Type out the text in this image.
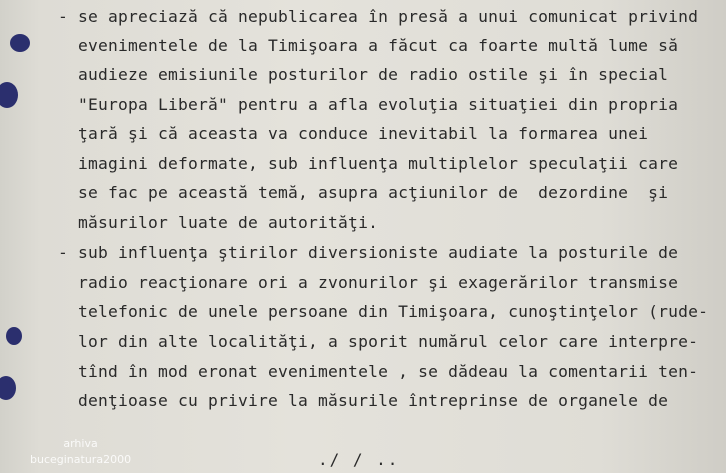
- se apreciază că nepublicarea în presă a unui comunicat privind

evenimentele de la Timişoara a făcut ca foarte multă lume să

audieze emisiunile posturilor de radio ostile şi în special

"Europa Liberă" pentru a afla evoluţia situaţiei din propria

ţară şi că aceasta va conduce inevitabil la formarea unei

imagini deformate, sub influenţa multiplelor speculaţii care

se fac pe această temă, asupra acţiunilor de  dezordine  şi

măsurilor luate de autorităţi.

- sub influenţa ştirilor diversioniste audiate la posturile de

radio reacţionare ori a zvonurilor şi exagerărilor transmise

telefonic de unele persoane din Timişoara, cunoştinţelor (rude-

lor din alte localităţi, a sporit numărul celor care interpre-

tînd în mod eronat evenimentele , se dădeau la comentarii ten-

denţioase cu privire la măsurile întreprinse de organele de

./ / ..
arhiva
buceginatura2000
